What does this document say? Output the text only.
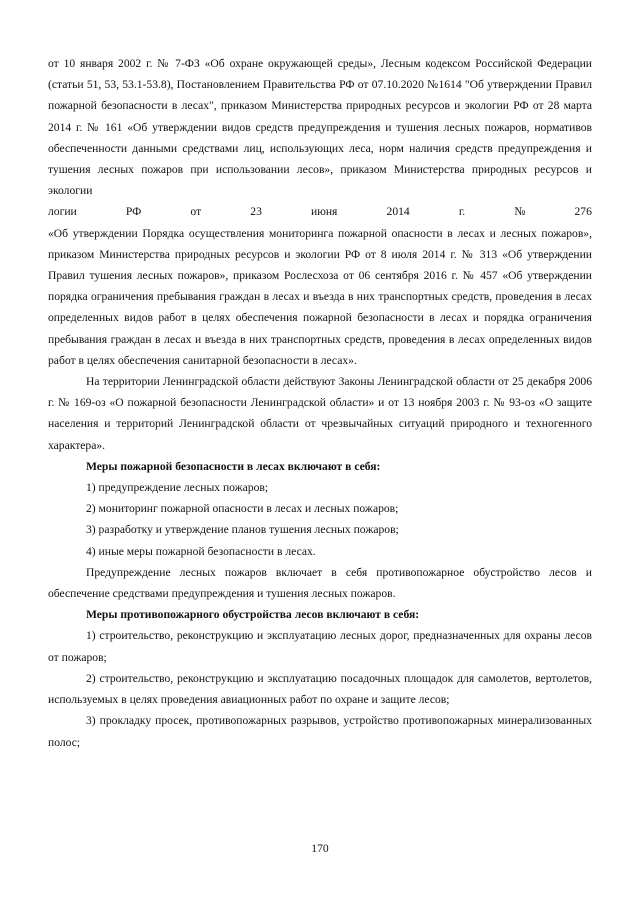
от 10 января 2002 г. № 7-ФЗ «Об охране окружающей среды», Лесным кодексом Российской Федерации (статьи 51, 53, 53.1-53.8), Постановлением Правительства РФ от 07.10.2020 №1614 "Об утверждении Правил пожарной безопасности в лесах", приказом Министерства природных ресурсов и экологии РФ от 28 марта 2014 г. № 161 «Об утверждении видов средств предупреждения и тушения лесных пожаров, нормативов обеспеченности данными средствами лиц, использующих леса, норм наличия средств предупреждения и тушения лесных пожаров при использовании лесов», приказом Министерства природных ресурсов и экологии

логии	РФ	от	23	июня	2014	г.	№	276

«Об утверждении Порядка осуществления мониторинга пожарной опасности в лесах и лесных пожаров», приказом Министерства природных ресурсов и экологии РФ от 8 июля 2014 г. № 313 «Об утверждении Правил тушения лесных пожаров», приказом Рослесхоза от 06 сентября 2016 г. № 457 «Об утверждении порядка ограничения пребывания граждан в лесах и въезда в них транспортных средств, проведения в лесах определенных видов работ в целях обеспечения пожарной безопасности в лесах и порядка ограничения пребывания граждан в лесах и въезда в них транспортных средств, проведения в лесах определенных видов работ в целях обеспечения санитарной безопасности в лесах».

На территории Ленинградской области действуют Законы Ленинградской области от 25 декабря 2006 г. № 169-оз «О пожарной безопасности Ленинградской области» и от 13 ноября 2003 г. № 93-оз «О защите населения и территорий Ленинградской области от чрезвычайных ситуаций природного и техногенного характера».

Меры пожарной безопасности в лесах включают в себя:

1) предупреждение лесных пожаров;

2) мониторинг пожарной опасности в лесах и лесных пожаров;

3) разработку и утверждение планов тушения лесных пожаров;

4) иные меры пожарной безопасности в лесах.

Предупреждение лесных пожаров включает в себя противопожарное обустройство лесов и обеспечение средствами предупреждения и тушения лесных пожаров.

Меры противопожарного обустройства лесов включают в себя:

1) строительство, реконструкцию и эксплуатацию лесных дорог, предназначенных для охраны лесов от пожаров;

2) строительство, реконструкцию и эксплуатацию посадочных площадок для самолетов, вертолетов, используемых в целях проведения авиационных работ по охране и защите лесов;

3) прокладку просек, противопожарных разрывов, устройство противопожарных минерализованных полос;

170
